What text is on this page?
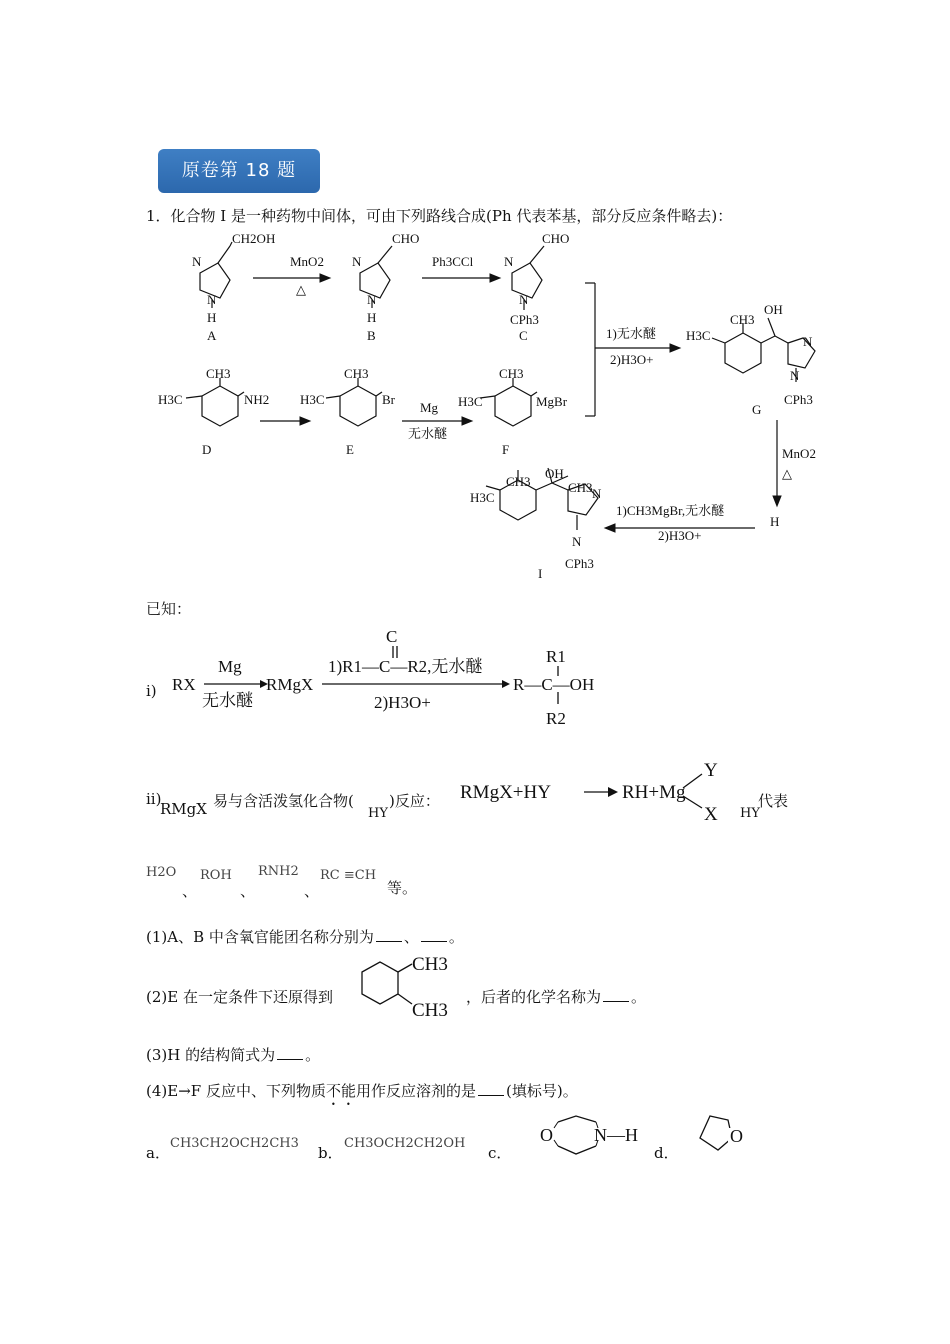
原卷第 18 题
1．化合物 I 是一种药物中间体，可由下列路线合成(Ph 代表苯基，部分反应条件略去)：
CH2OH
N
N
H
A
MnO2
△
CHO
N
N
H
B
Ph3CCl
CHO
N
N
CPh3
C	1)无水醚
2)H3O+
H3C
CH3
NH2
D
H3C
CH3
Br
E
Mg
无水醚
H3C
CH3
MgBr
F
H3C
CH3
OH
N
N
CPh3
G
MnO2
△
H
1)CH3MgBr,无水醚
2)H3O+
H3C
CH3
OH
CH3 N
N
CPh3
I
已知：
i) RX
Mg
无水醚
RMgX
C
1)R1—C—R2,无水醚
2)H3O+
R—C—OH
R1
R2
ii)
RMgX 易与含活泼氢化合物(
HY
)反应： RMgX+HY	RH+Mg
Y
X HY
代表
H2O
、
ROH
、
RNH2
、
RC ≡CH
等。
(1)A、B 中含氧官能团名称分别为 、 。
(2)E 在一定条件下还原得到
CH3
CH3
，后者的化学名称为 。
(3)H 的结构简式为 。
(4)E→F 反应中、下列物质不能用作反应溶剂的是 (填标号)。
a．
CH3CH2OCH2CH3
b．
CH3OCH2CH2OH
c．
O N—H
d．
O
